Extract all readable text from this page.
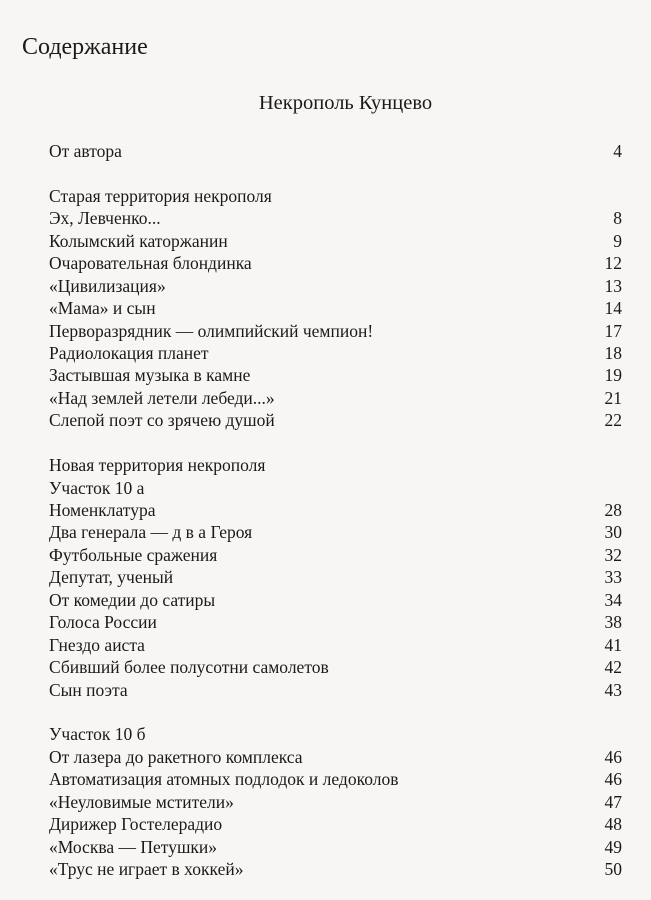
Содержание
Некрополь Кунцево
От автора	4
Старая территория некрополя
Эх, Левченко...	8
Колымский каторжанин	9
Очаровательная блондинка	12
«Цивилизация»	13
«Мама» и сын	14
Перворазрядник — олимпийский чемпион!	17
Радиолокация планет	18
Застывшая музыка в камне	19
«Над землей летели лебеди...»	21
Слепой поэт со зрячею душой	22
Новая территория некрополя
Участок 10 а
Номенклатура	28
Два генерала — д в а Героя	30
Футбольные сражения	32
Депутат, ученый	33
От комедии до сатиры	34
Голоса России	38
Гнездо аиста	41
Сбивший более полусотни самолетов	42
Сын поэта	43
Участок 10 б
От лазера до ракетного комплекса	46
Автоматизация атомных подлодок и ледоколов	46
«Неуловимые мстители»	47
Дирижер Гостелерадио	48
«Москва — Петушки»	49
«Трус не играет в хоккей»	50
